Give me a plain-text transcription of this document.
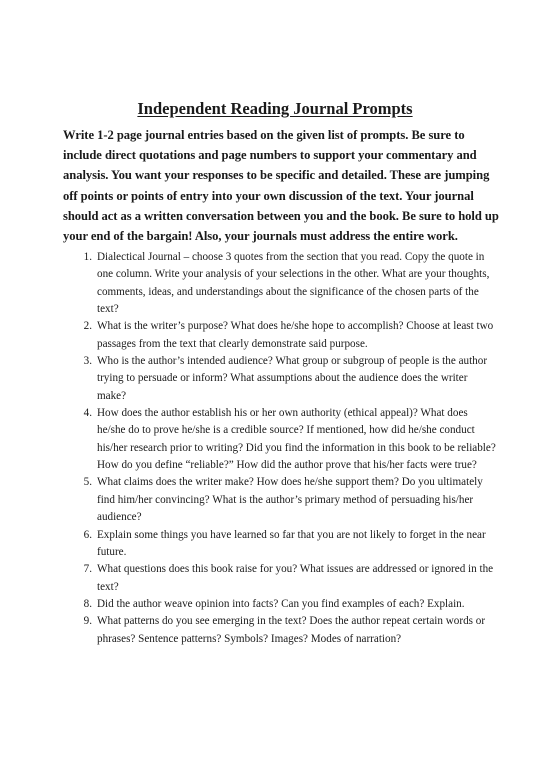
Independent Reading Journal Prompts
Write 1-2 page journal entries based on the given list of prompts. Be sure to include direct quotations and page numbers to support your commentary and analysis. You want your responses to be specific and detailed. These are jumping off points or points of entry into your own discussion of the text. Your journal should act as a written conversation between you and the book. Be sure to hold up your end of the bargain! Also, your journals must address the entire work.
1. Dialectical Journal – choose 3 quotes from the section that you read. Copy the quote in one column. Write your analysis of your selections in the other. What are your thoughts, comments, ideas, and understandings about the significance of the chosen parts of the text?
2. What is the writer’s purpose? What does he/she hope to accomplish? Choose at least two passages from the text that clearly demonstrate said purpose.
3. Who is the author’s intended audience? What group or subgroup of people is the author trying to persuade or inform? What assumptions about the audience does the writer make?
4. How does the author establish his or her own authority (ethical appeal)? What does he/she do to prove he/she is a credible source? If mentioned, how did he/she conduct his/her research prior to writing? Did you find the information in this book to be reliable? How do you define “reliable?” How did the author prove that his/her facts were true?
5. What claims does the writer make? How does he/she support them? Do you ultimately find him/her convincing? What is the author’s primary method of persuading his/her audience?
6. Explain some things you have learned so far that you are not likely to forget in the near future.
7. What questions does this book raise for you? What issues are addressed or ignored in the text?
8. Did the author weave opinion into facts? Can you find examples of each? Explain.
9. What patterns do you see emerging in the text? Does the author repeat certain words or phrases? Sentence patterns? Symbols? Images? Modes of narration?
